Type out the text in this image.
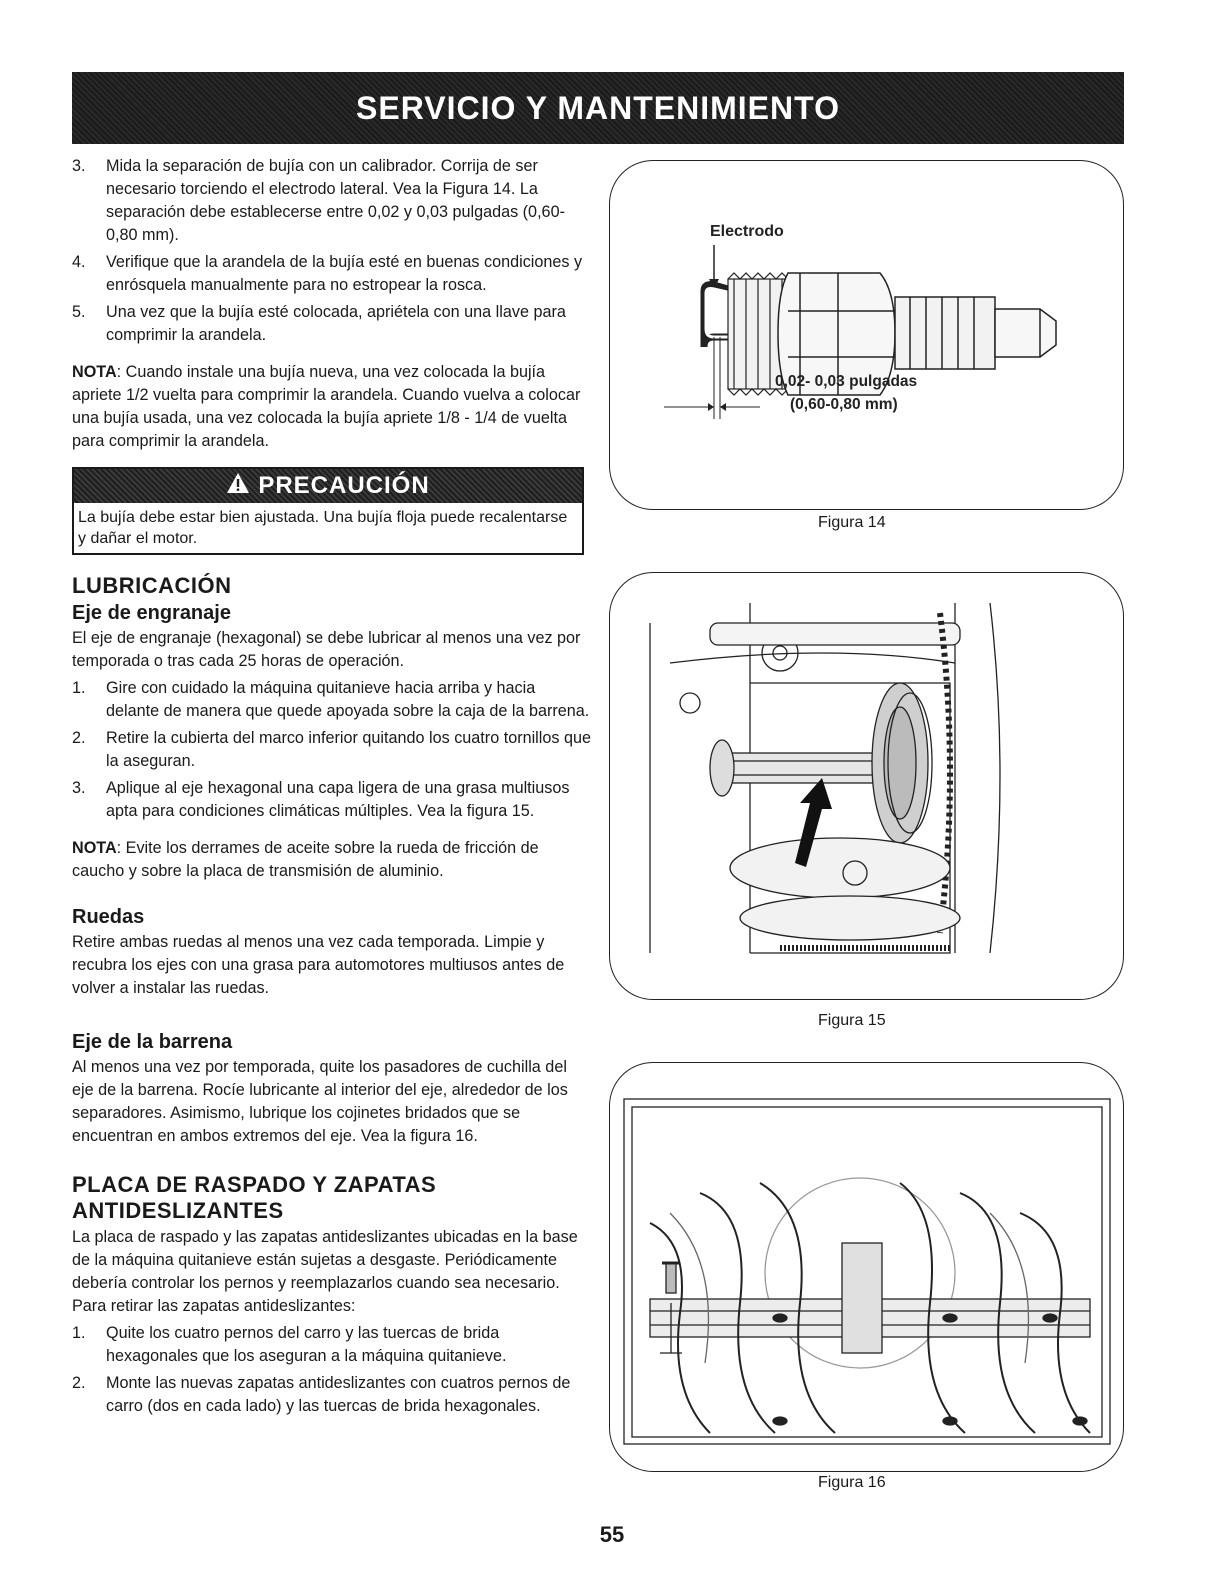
SERVICIO Y MANTENIMIENTO
3. Mida la separación de bujía con un calibrador. Corrija de ser necesario torciendo el electrodo lateral. Vea la Figura 14. La separación debe establecerse entre 0,02 y 0,03 pulgadas (0,60-0,80 mm).
4. Verifique que la arandela de la bujía esté en buenas condiciones y enrósquela manualmente para no estropear la rosca.
5. Una vez que la bujía esté colocada, apriétela con una llave para comprimir la arandela.

NOTA: Cuando instale una bujía nueva, una vez colocada la bujía apriete 1/2 vuelta para comprimir la arandela. Cuando vuelva a colocar una bujía usada, una vez colocada la bujía apriete 1/8 - 1/4 de vuelta para comprimir la arandela.

PRECAUCIÓN
La bujía debe estar bien ajustada. Una bujía floja puede recalentarse y dañar el motor.
LUBRICACIÓN
Eje de engranaje

El eje de engranaje (hexagonal) se debe lubricar al menos una vez por temporada o tras cada 25 horas de operación.

1. Gire con cuidado la máquina quitanieve hacia arriba y hacia delante de manera que quede apoyada sobre la caja de la barrena.
2. Retire la cubierta del marco inferior quitando los cuatro tornillos que la aseguran.
3. Aplique al eje hexagonal una capa ligera de una grasa multiusos apta para condiciones climáticas múltiples. Vea la figura 15.

NOTA: Evite los derrames de aceite sobre la rueda de fricción de caucho y sobre la placa de transmisión de aluminio.

Ruedas

Retire ambas ruedas al menos una vez cada temporada. Limpie y recubra los ejes con una grasa para automotores multiusos antes de volver a instalar las ruedas.

Eje de la barrena

Al menos una vez por temporada, quite los pasadores de cuchilla del eje de la barrena. Rocíe lubricante al interior del eje, alrededor de los separadores. Asimismo, lubrique los cojinetes bridados que se encuentran en ambos extremos del eje. Vea la figura 16.

PLACA DE RASPADO Y ZAPATAS ANTIDESLIZANTES

La placa de raspado y las zapatas antideslizantes ubicadas en la base de la máquina quitanieve están sujetas a desgaste. Periódicamente debería controlar los pernos y reemplazarlos cuando sea necesario.

Para retirar las zapatas antideslizantes:

1. Quite los cuatro pernos del carro y las tuercas de brida hexagonales que los aseguran a la máquina quitanieve.
2. Monte las nuevas zapatas antideslizantes con cuatros pernos de carro (dos en cada lado) y las tuercas de brida hexagonales.
Electrodo
0,02- 0,03 pulgadas
(0,60-0,80 mm)
Figura 14
Figura 15
Figura 16
55
